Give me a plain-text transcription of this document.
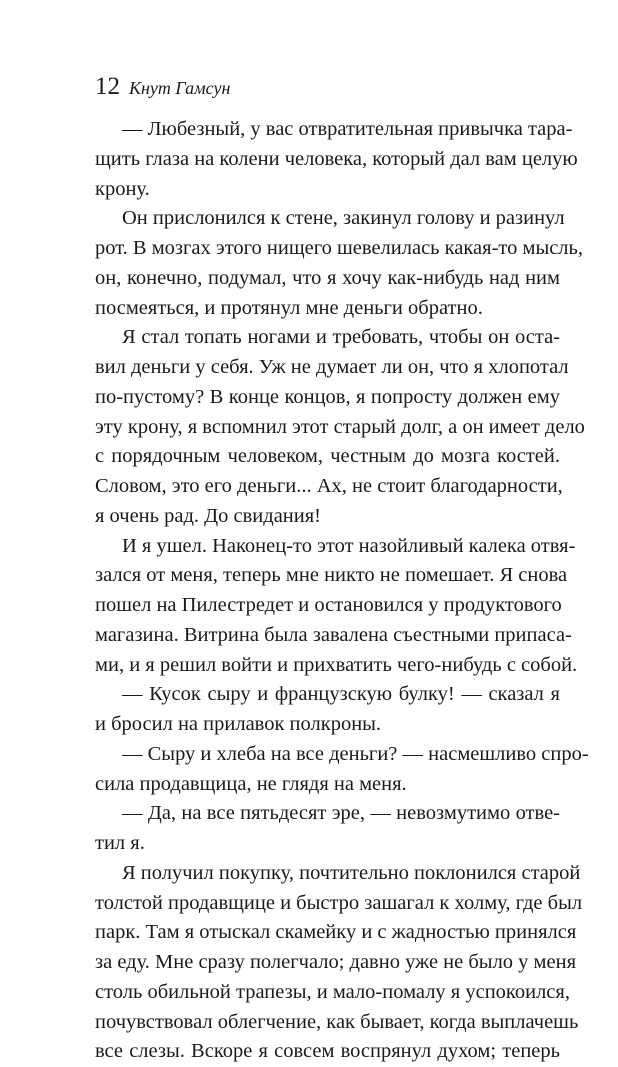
12 Кнут Гамсун
— Любезный, у вас отвратительная привычка тара-
щить глаза на колени человека, который дал вам целую
крону.
Он прислонился к стене, закинул голову и разинул
рот. В мозгах этого нищего шевелилась какая-то мысль,
он, конечно, подумал, что я хочу как-нибудь над ним
посмеяться, и протянул мне деньги обратно.
Я стал топать ногами и требовать, чтобы он оста-
вил деньги у себя. Уж не думает ли он, что я хлопотал
по-пустому? В конце концов, я попросту должен ему
эту крону, я вспомнил этот старый долг, а он имеет дело
с порядочным человеком, честным до мозга костей.
Словом, это его деньги... Ах, не стоит благодарности,
я очень рад. До свидания!
И я ушел. Наконец-то этот назойливый калека отвя-
зался от меня, теперь мне никто не помешает. Я снова
пошел на Пилестредет и остановился у продуктового
магазина. Витрина была завалена съестными припаса-
ми, и я решил войти и прихватить чего-нибудь с собой.
— Кусок сыру и французскую булку! — сказал я
и бросил на прилавок полкроны.
— Сыру и хлеба на все деньги? — насмешливо спро-
сила продавщица, не глядя на меня.
— Да, на все пятьдесят эре, — невозмутимо отве-
тил я.
Я получил покупку, почтительно поклонился старой
толстой продавщице и быстро зашагал к холму, где был
парк. Там я отыскал скамейку и с жадностью принялся
за еду. Мне сразу полегчало; давно уже не было у меня
столь обильной трапезы, и мало-помалу я успокоился,
почувствовал облегчение, как бывает, когда выплачешь
все слезы. Вскоре я совсем воспрянул духом; теперь
